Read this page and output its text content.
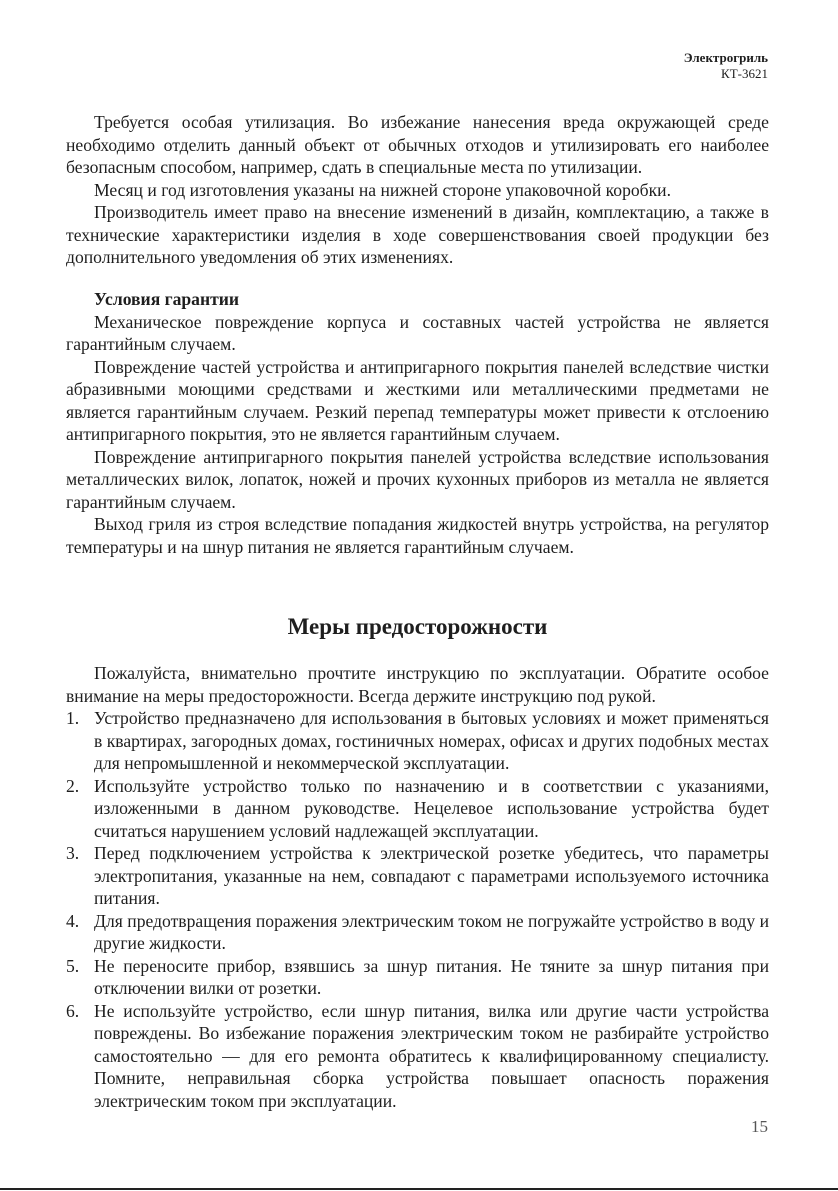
Электрогриль
КТ-3621

Требуется особая утилизация. Во избежание нанесения вреда окружающей среде необходимо отделить данный объект от обычных отходов и утилизировать его наиболее безопасным способом, например, сдать в специальные места по утилизации.

Месяц и год изготовления указаны на нижней стороне упаковочной коробки.

Производитель имеет право на внесение изменений в дизайн, комплектацию, а также в технические характеристики изделия в ходе совершенствования своей продукции без дополнительного уведомления об этих изменениях.

Условия гарантии

Механическое повреждение корпуса и составных частей устройства не является гарантийным случаем.

Повреждение частей устройства и антипригарного покрытия панелей вследствие чистки абразивными моющими средствами и жесткими или металлическими предметами не является гарантийным случаем. Резкий перепад температуры может привести к отслоению антипригарного покрытия, это не является гарантийным случаем.

Повреждение антипригарного покрытия панелей устройства вследствие использования металлических вилок, лопаток, ножей и прочих кухонных приборов из металла не является гарантийным случаем.

Выход гриля из строя вследствие попадания жидкостей внутрь устройства, на регулятор температуры и на шнур питания не является гарантийным случаем.

Меры предосторожности

Пожалуйста, внимательно прочтите инструкцию по эксплуатации. Обратите особое внимание на меры предосторожности. Всегда держите инструкцию под рукой.

1. Устройство предназначено для использования в бытовых условиях и может применяться в квартирах, загородных домах, гостиничных номерах, офисах и других подобных местах для непромышленной и некоммерческой эксплуатации.
2. Используйте устройство только по назначению и в соответствии с указаниями, изложенными в данном руководстве. Нецелевое использование устройства будет считаться нарушением условий надлежащей эксплуатации.
3. Перед подключением устройства к электрической розетке убедитесь, что параметры электропитания, указанные на нем, совпадают с параметрами используемого источника питания.
4. Для предотвращения поражения электрическим током не погружайте устройство в воду и другие жидкости.
5. Не переносите прибор, взявшись за шнур питания. Не тяните за шнур питания при отключении вилки от розетки.
6. Не используйте устройство, если шнур питания, вилка или другие части устройства повреждены. Во избежание поражения электрическим током не разбирайте устройство самостоятельно — для его ремонта обратитесь к квалифицированному специалисту. Помните, неправильная сборка устройства повышает опасность поражения электрическим током при эксплуатации.
15
